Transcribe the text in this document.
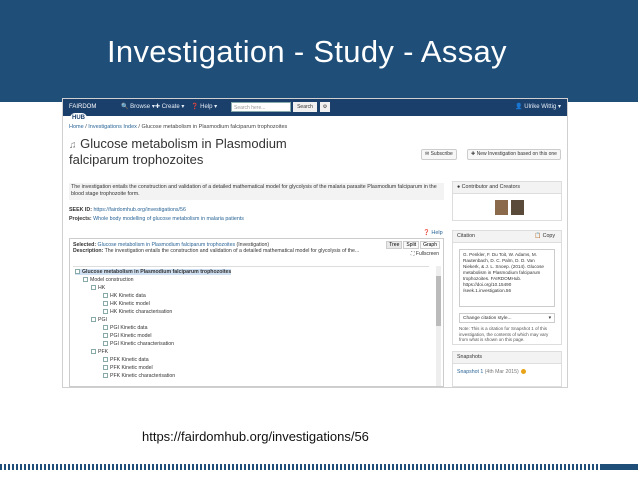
Investigation - Study - Assay
FAIRDOMHUB
🔍 Browse ▾ ✚ Create ▾ ❓ Help ▾	Search here...	Search	⚙	👤 Ulrike Wittig ▾
Home / Investigations Index / Glucose metabolism in Plasmodium falciparum trophozoites
♫ Glucose metabolism in Plasmodium
falciparum trophozoites	✉ Subscribe	✚ New Investigation based on this one
The investigation entails the construction and validation of a detailed mathematical model for glycolysis of the malaria parasite Plasmodium falciparum in the blood stage trophozoite form.
SEEK ID: https://fairdomhub.org/investigations/56
Projects: Whole body modelling of glucose metabolism in malaria patients
❓ Help
Selected: Glucose metabolism in Plasmodium falciparum trophozoites (Investigation)
Description: The investigation entails the construction and validation of a detailed mathematical model for glycolysis of the...
Tree Split Graph
⛶ Fullscreen
Glucose metabolism in Plasmodium falciparum trophozoites
Model construction
HK
HK Kinetic data
HK Kinetic model
HK Kinetic characterisation
PGI
PGI Kinetic data
PGI Kinetic model
PGI Kinetic characterisation
PFK
PFK Kinetic data
PFK Kinetic model
PFK Kinetic characterisation
● Contributor and Creators
Citation	📋 Copy
G. Penkler, F. Du Toit, W. Adams, M. Rautenbach, D. C. Palm, D. D. Van Niekerk, & J. L. Snoep. (2014). Glucose metabolism in Plasmodium falciparum trophozoites. FAIRDOMHub. https://doi.org/10.15490 /seek.1.investigation.56
Change citation style...	▾
Note: This is a citation for Snapshot 1 of this investigation, the contents of which may vary from what is shown on this page.
Snapshots
Snapshot 1 (4th Mar 2015)
https://fairdomhub.org/investigations/56
